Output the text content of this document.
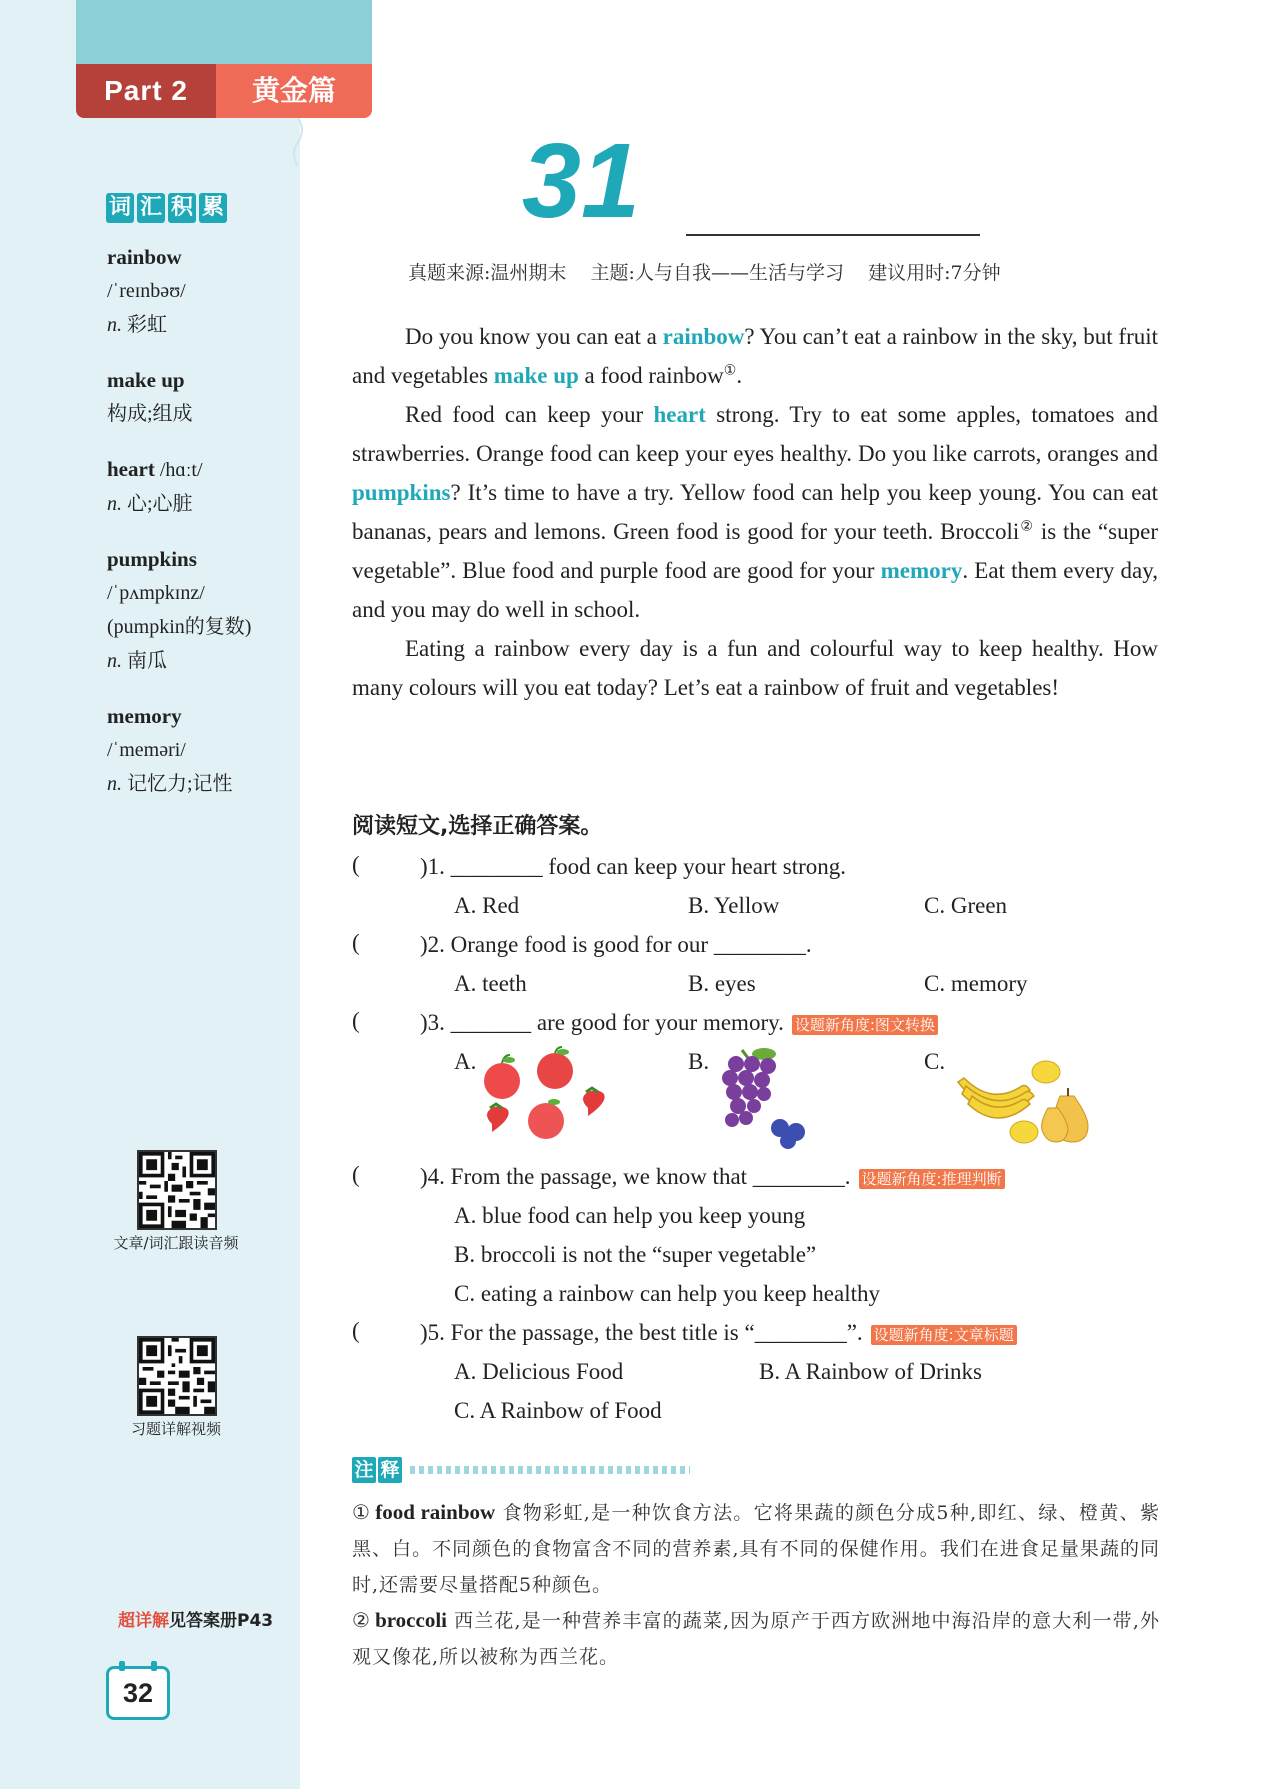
Part 2	黄金篇
词 汇 积 累
rainbow
/ˈreɪnbəʊ/
n. 彩虹
make up
构成;组成
heart /hɑːt/
n. 心;心脏
pumpkins
/ˈpʌmpkɪnz/
(pumpkin的复数)
n. 南瓜
memory
/ˈmeməri/
n. 记忆力;记性
文章/词汇跟读音频
习题详解视频
超详解见答案册P43
32
31
真题来源:温州期末    主题:人与自我——生活与学习    建议用时:7分钟

Do you know you can eat a rainbow? You can’t eat a rainbow in the sky, but fruit and vegetables make up a food rainbow①.

Red food can keep your heart strong. Try to eat some apples, tomatoes and strawberries. Orange food can keep your eyes healthy. Do you like carrots, oranges and pumpkins? It’s time to have a try. Yellow food can help you keep young. You can eat bananas, pears and lemons. Green food is good for your teeth. Broccoli② is the “super vegetable”. Blue food and purple food are good for your memory. Eat them every day, and you may do well in school.

Eating a rainbow every day is a fun and colourful way to keep healthy. How many colours will you eat today? Let’s eat a rainbow of fruit and vegetables!

阅读短文,选择正确答案。
(	)1. ________ food can keep your heart strong.
A. Red	B. Yellow	C. Green
(	)2. Orange food is good for our ________.
A. teeth	B. eyes	C. memory
(	)3. _______ are good for your memory. 设题新角度:图文转换
A.	B.	C.
(	)4. From the passage, we know that ________. 设题新角度:推理判断
A. blue food can help you keep young
B. broccoli is not the “super vegetable”
C. eating a rainbow can help you keep healthy
(	)5. For the passage, the best title is “________”. 设题新角度:文章标题
A. Delicious Food	B. A Rainbow of Drinks
C. A Rainbow of Food
注 释
① food rainbow 食物彩虹,是一种饮食方法。它将果蔬的颜色分成5种,即红、绿、橙黄、紫黑、白。不同颜色的食物富含不同的营养素,具有不同的保健作用。我们在进食足量果蔬的同时,还需要尽量搭配5种颜色。
② broccoli 西兰花,是一种营养丰富的蔬菜,因为原产于西方欧洲地中海沿岸的意大利一带,外观又像花,所以被称为西兰花。
